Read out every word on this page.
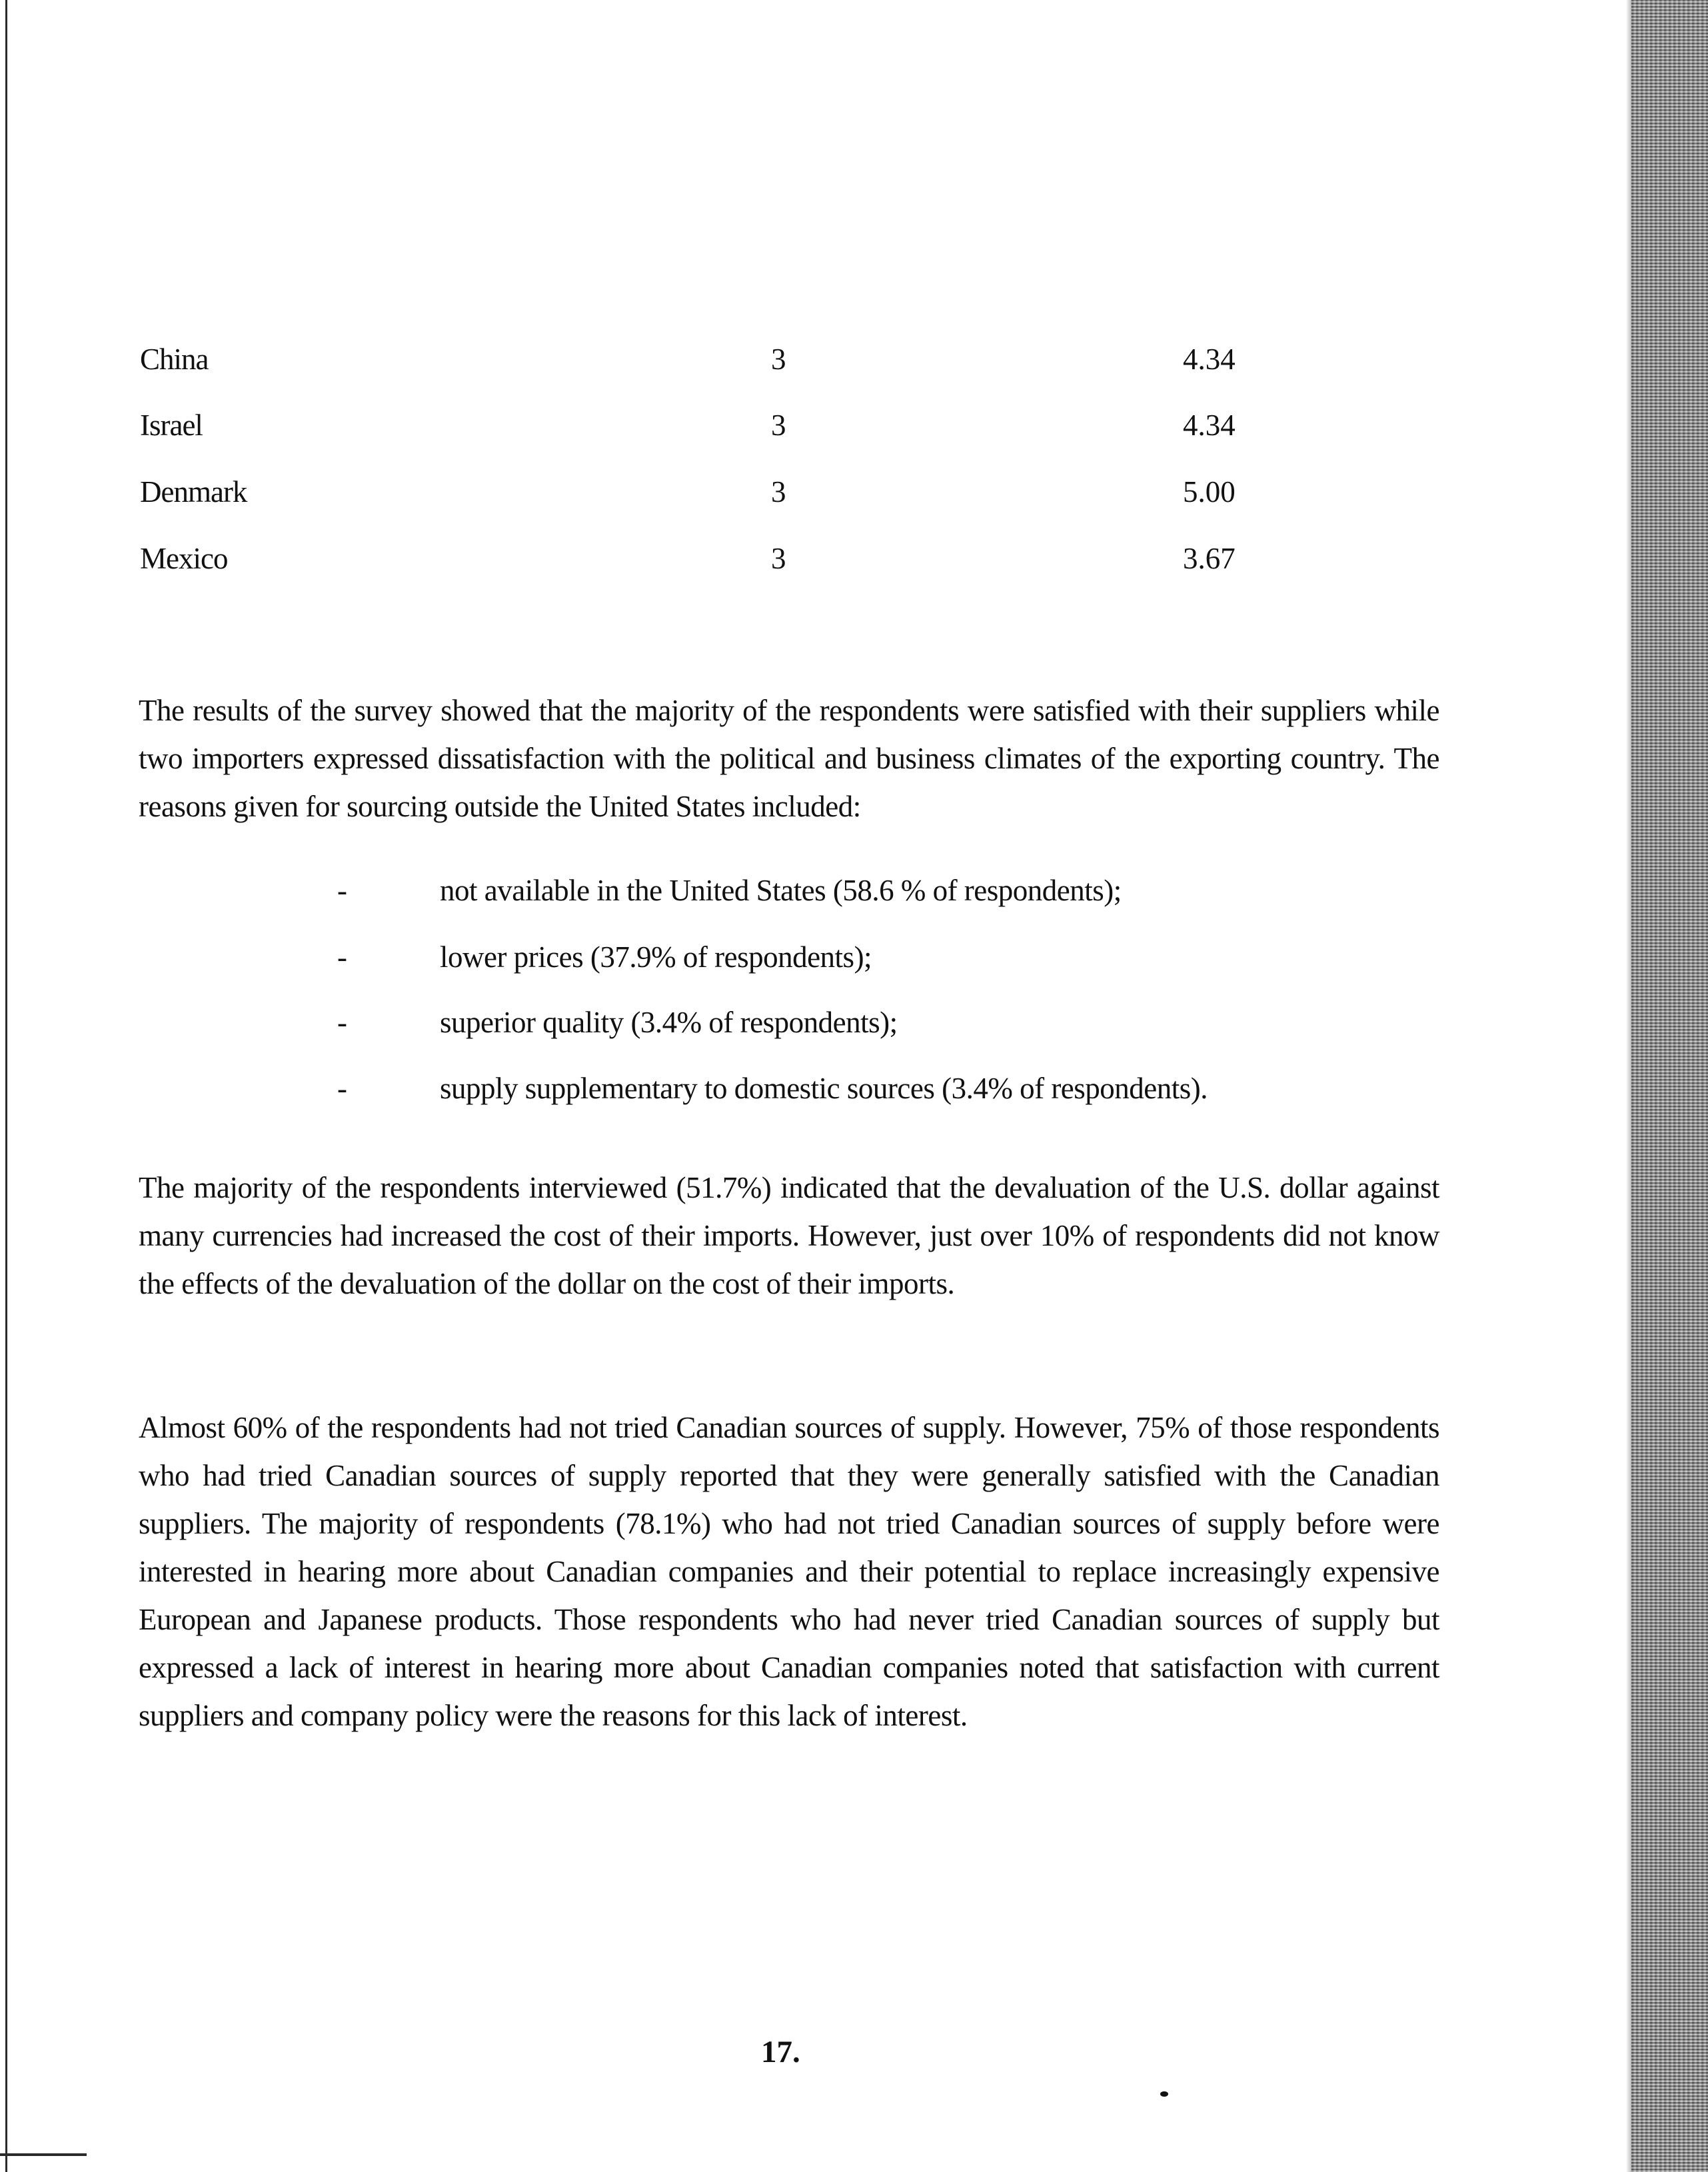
China	3	4.34
Israel	3	4.34
Denmark	3	5.00
Mexico	3	3.67

The results of the survey showed that the majority of the respondents were satisfied with their suppliers while two importers expressed dissatisfaction with the political and business climates of the exporting country. The reasons given for sourcing outside the United States included:

-	not available in the United States (58.6 % of respondents);
-	lower prices (37.9% of respondents);
-	superior quality (3.4% of respondents);
-	supply supplementary to domestic sources (3.4% of respondents).

The majority of the respondents interviewed (51.7%) indicated that the devaluation of the U.S. dollar against many currencies had increased the cost of their imports. However, just over 10% of respondents did not know the effects of the devaluation of the dollar on the cost of their imports.

Almost 60% of the respondents had not tried Canadian sources of supply. However, 75% of those respondents who had tried Canadian sources of supply reported that they were generally satisfied with the Canadian suppliers. The majority of respondents (78.1%) who had not tried Canadian sources of supply before were interested in hearing more about Canadian companies and their potential to replace increasingly expensive European and Japanese products. Those respondents who had never tried Canadian sources of supply but expressed a lack of interest in hearing more about Canadian companies noted that satisfaction with current suppliers and company policy were the reasons for this lack of interest.

17.
